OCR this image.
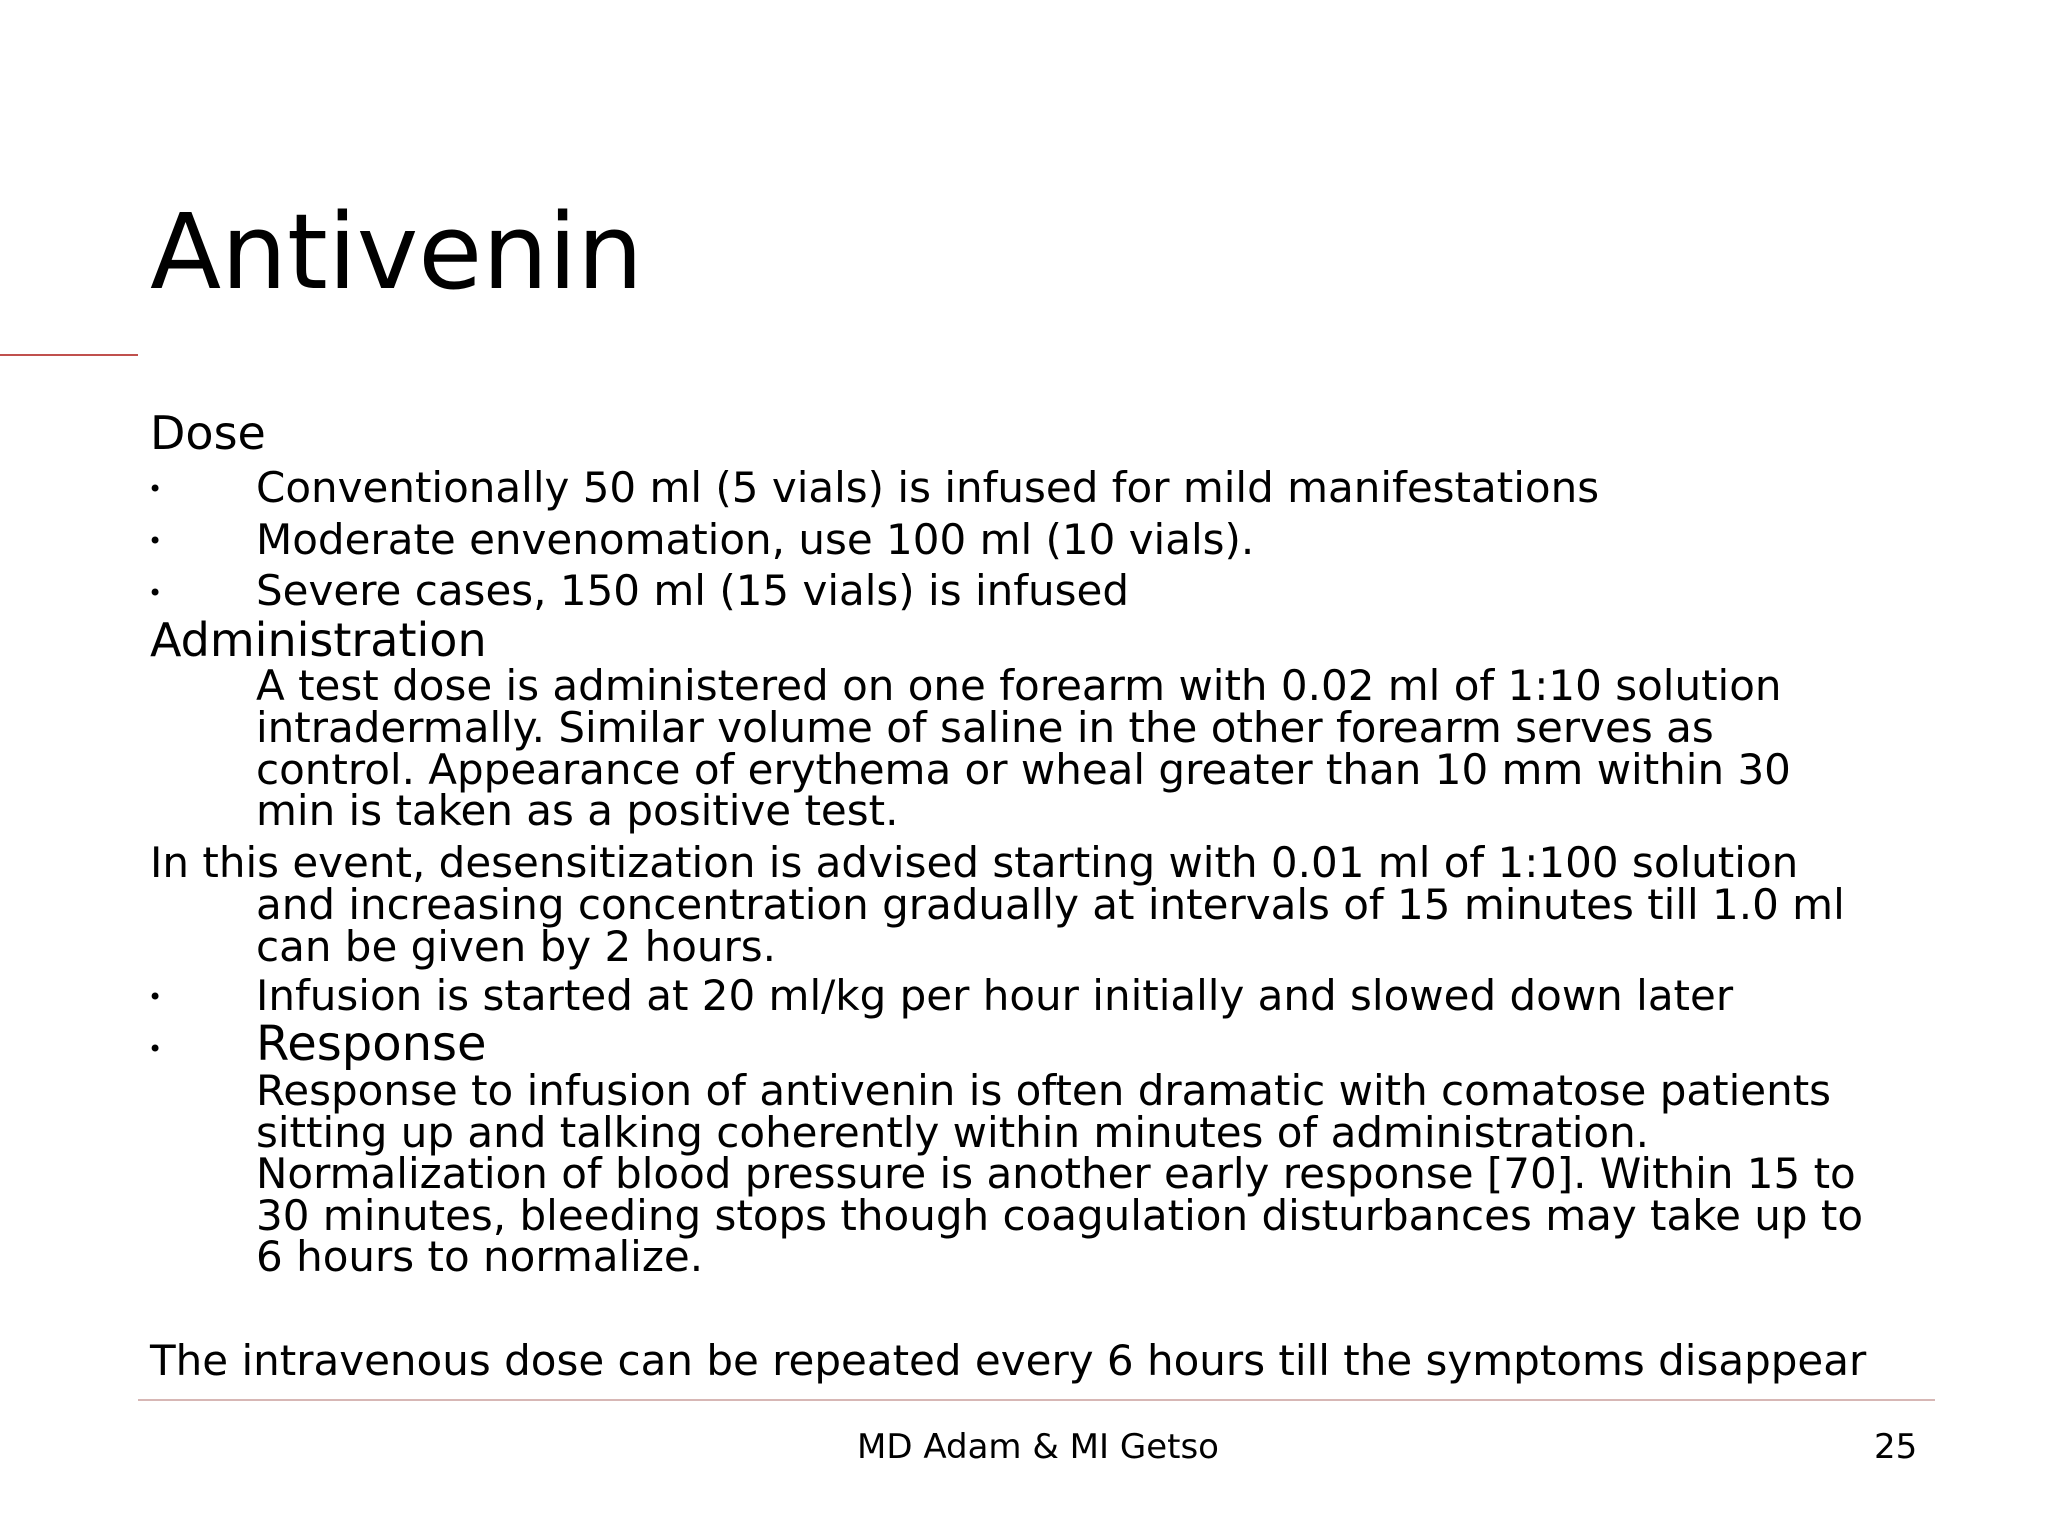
Antivenin
Dose
• Conventionally 50 ml (5 vials) is infused for mild manifestations
• Moderate envenomation, use 100 ml (10 vials).
• Severe cases, 150 ml (15 vials) is infused
Administration
A test dose is administered on one forearm with 0.02 ml of 1:10 solution
intradermally. Similar volume of saline in the other forearm serves as
control. Appearance of erythema or wheal greater than 10 mm within 30
min is taken as a positive test.
In this event, desensitization is advised starting with 0.01 ml of 1:100 solution
and increasing concentration gradually at intervals of 15 minutes till 1.0 ml
can be given by 2 hours.
• Infusion is started at 20 ml/kg per hour initially and slowed down later
• Response
Response to infusion of antivenin is often dramatic with comatose patients
sitting up and talking coherently within minutes of administration.
Normalization of blood pressure is another early response [70]. Within 15 to
30 minutes, bleeding stops though coagulation disturbances may take up to
6 hours to normalize.
The intravenous dose can be repeated every 6 hours till the symptoms disappear
MD Adam & MI Getso	25
